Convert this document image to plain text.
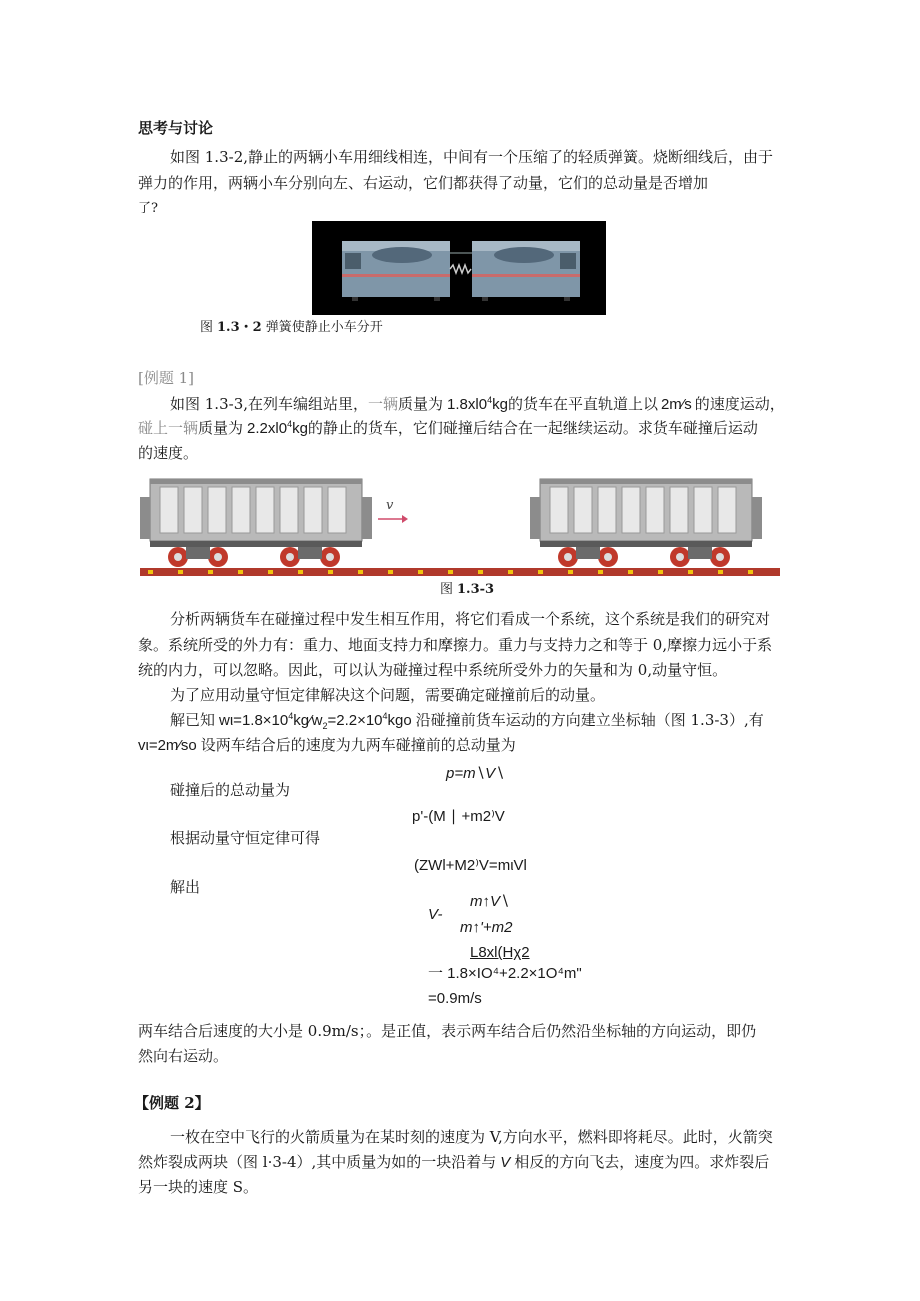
思考与讨论
如图 1.3-2,静止的两辆小车用细线相连，中间有一个压缩了的轻质弹簧。烧断细线后，由于
弹力的作用，两辆小车分别向左、右运动，它们都获得了动量，它们的总动量是否增加
了?
图 1.3・2 弹簧使静止小车分开
[例题 1]
如图 1.3-3,在列车编组站里，一辆质量为 $1.8xl0^4kg$的货车在平直轨道上以 2m⁄s 的速度运动，
碰上一辆质量为 $2.2xl0^4kg$的静止的货车，它们碰撞后结合在一起继续运动。求货车碰撞后运动
的速度。
v
图 1.3-3
分析两辆货车在碰撞过程中发生相互作用，将它们看成一个系统，这个系统是我们的研究对
象。系统所受的外力有：重力、地面支持力和摩擦力。重力与支持力之和等于 0,摩擦力远小于系
统的内力，可以忽略。因此，可以认为碰撞过程中系统所受外力的矢量和为 0,动量守恒。
为了应用动量守恒定律解决这个问题，需要确定碰撞前后的动量。
解已知 $w\iota=1.8\times 10^4kg⁄w_2=2.2\times 10^4kgo$ 沿碰撞前货车运动的方向建立坐标轴（图 1.3-3）,有
vι=2m⁄so 设两车结合后的速度为九两车碰撞前的总动量为
p=m∖V∖
碰撞后的总动量为
p'-(M ∣ +m2⁾V
根据动量守恒定律可得
(ZWl+M2⁾V=mιVl
解出
m↑V∖
V-
m↑'+m2
L8xl(Hχ2
一 1.8×IO⁴+2.2×1O⁴m"
=0.9m/s
两车结合后速度的大小是 0.9m/s；。是正值，表示两车结合后仍然沿坐标轴的方向运动，即仍
然向右运动。
【例题 2】
一枚在空中飞行的火箭质量为在某时刻的速度为 V,方向水平，燃料即将耗尽。此时，火箭突
然炸裂成两块（图 l·3-4）,其中质量为如的一块沿着与 V 相反的方向飞去，速度为四。求炸裂后
另一块的速度 S。
